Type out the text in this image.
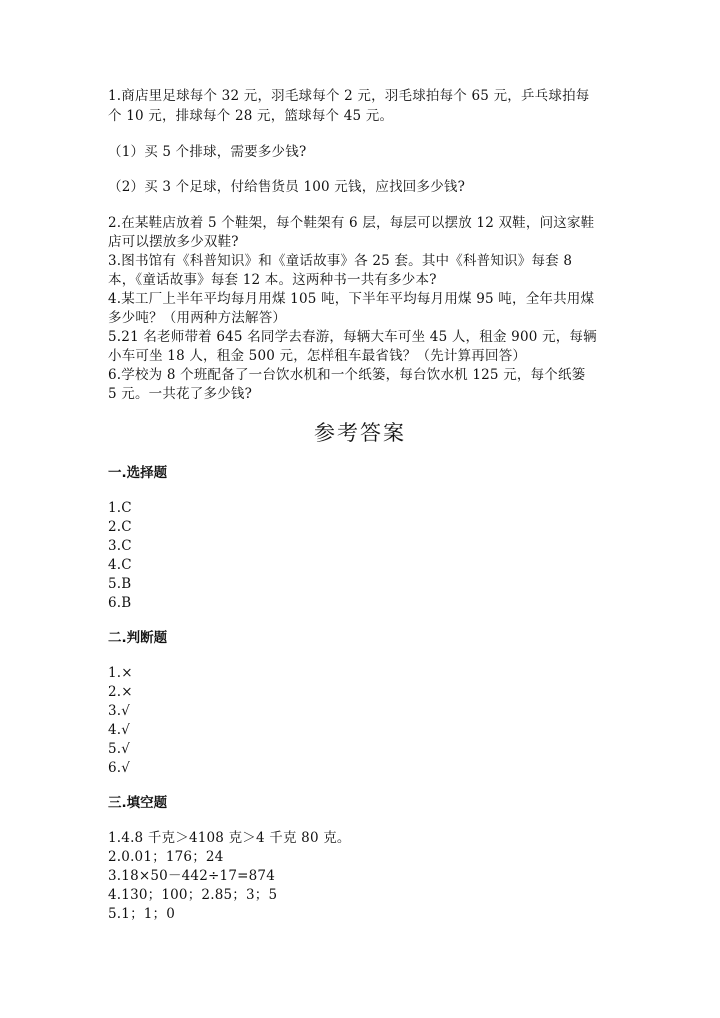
1.商店里足球每个 32 元，羽毛球每个 2 元，羽毛球拍每个 65 元，乒乓球拍每
个 10 元，排球每个 28 元，篮球每个 45 元。
（1）买 5 个排球，需要多少钱?
（2）买 3 个足球，付给售货员 100 元钱，应找回多少钱?
2.在某鞋店放着 5 个鞋架，每个鞋架有 6 层，每层可以摆放 12 双鞋，问这家鞋
店可以摆放多少双鞋?
3.图书馆有《科普知识》和《童话故事》各 25 套。其中《科普知识》每套 8
本，《童话故事》每套 12 本。这两种书一共有多少本?
4.某工厂上半年平均每月用煤 105 吨，下半年平均每月用煤 95 吨，全年共用煤
多少吨？（用两种方法解答）
5.21 名老师带着 645 名同学去春游，每辆大车可坐 45 人，租金 900 元，每辆
小车可坐 18 人，租金 500 元，怎样租车最省钱？（先计算再回答）
6.学校为 8 个班配备了一台饮水机和一个纸篓，每台饮水机 125 元，每个纸篓
5 元。一共花了多少钱?
参考答案
一.选择题
1.C
2.C
3.C
4.C
5.B
6.B
二.判断题
1.×
2.×
3.√
4.√
5.√
6.√
三.填空题
1.4.8 千克＞4108 克＞4 千克 80 克。
2.0.01；176；24
3.18×50－442÷17=874
4.130；100；2.85；3；5
5.1；1；0
